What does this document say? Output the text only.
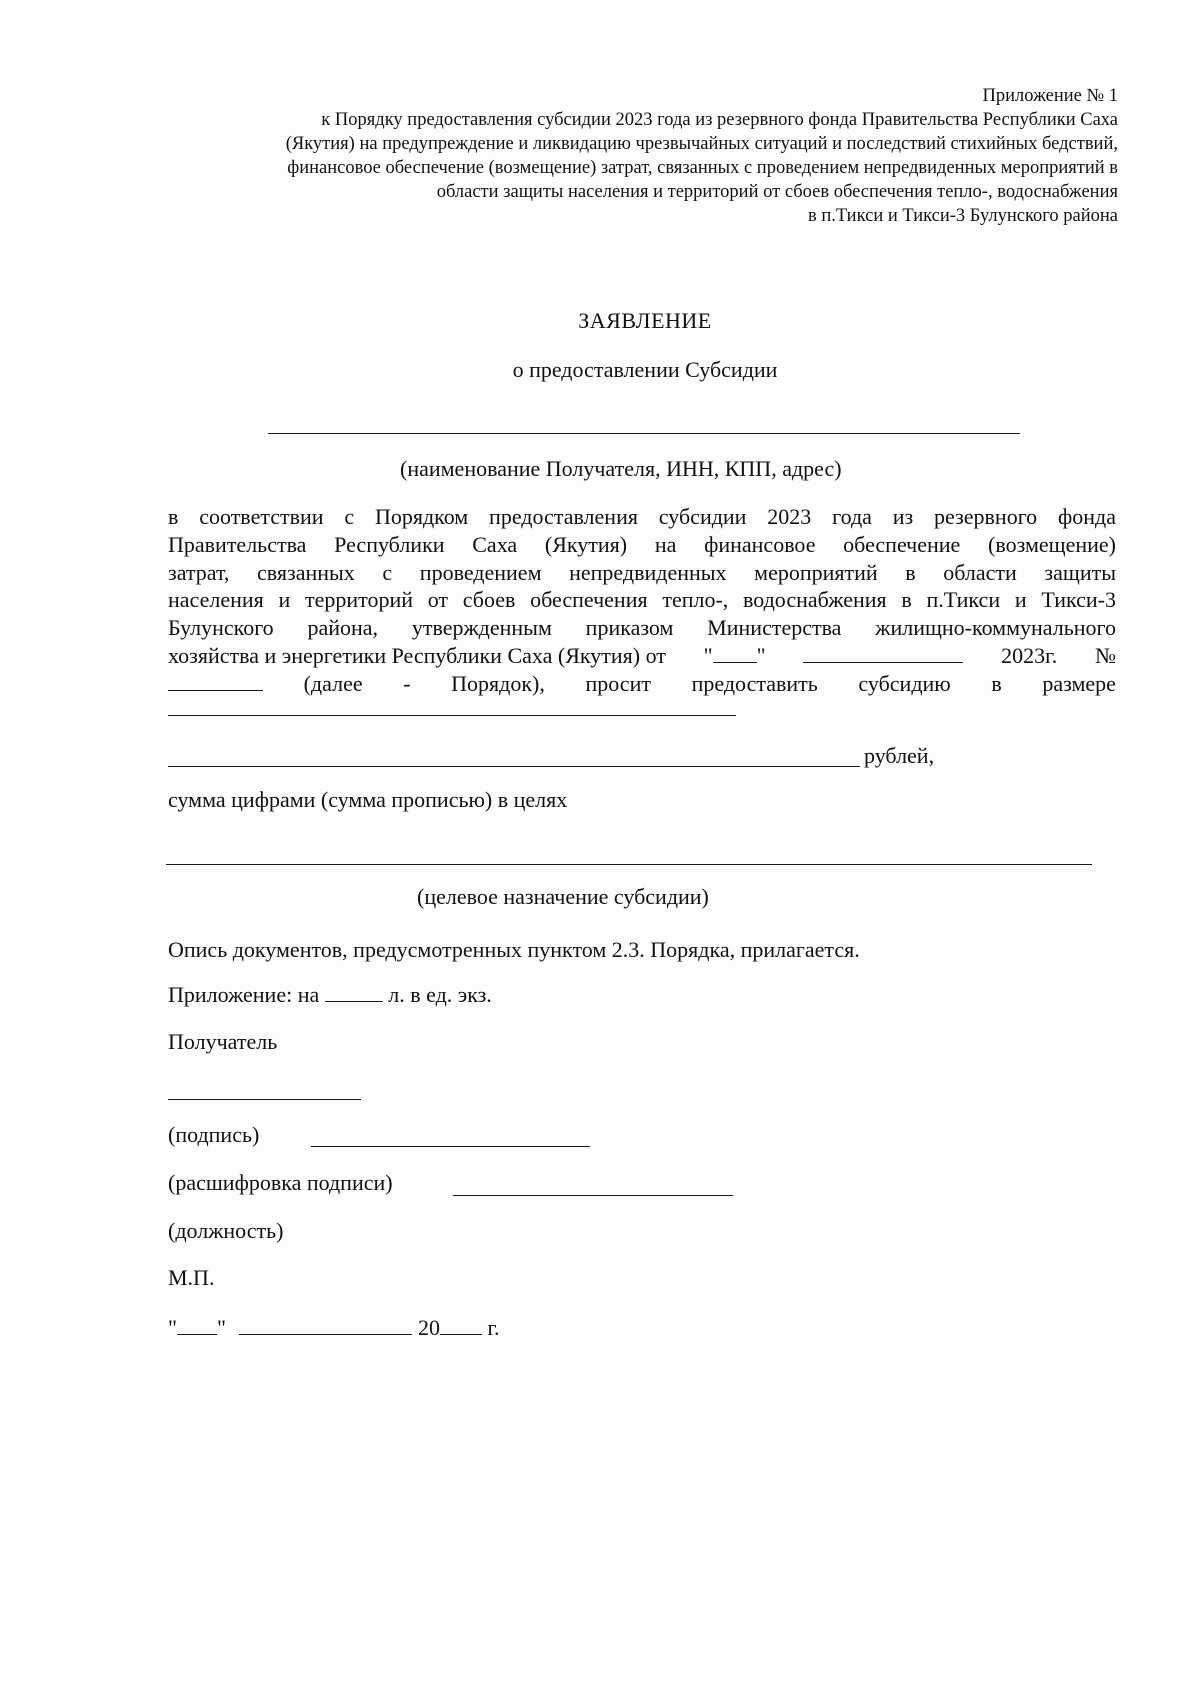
Приложение № 1
к Порядку предоставления субсидии 2023 года из резервного фонда Правительства Республики Саха
(Якутия) на предупреждение и ликвидацию чрезвычайных ситуаций и последствий стихийных бедствий,
финансовое обеспечение (возмещение) затрат, связанных с проведением непредвиденных мероприятий в
области защиты населения и территорий от сбоев обеспечения тепло-, водоснабжения
в п.Тикси и Тикси-3 Булунского района
ЗАЯВЛЕНИЕ
о предоставлении Субсидии
(наименование Получателя, ИНН, КПП, адрес)
в соответствии с Порядком предоставления субсидии 2023 года из резервного фонда
Правительства Республики Саха (Якутия) на финансовое обеспечение (возмещение)
затрат, связанных с проведением непредвиденных мероприятий в области защиты
населения и территорий от сбоев обеспечения тепло-, водоснабжения в п.Тикси и Тикси-3
Булунского района, утвержденным приказом Министерства жилищно-коммунального
хозяйства и энергетики Республики Саха (Якутия) от " "	2023г. №
(далее - Порядок), просит предоставить субсидию в размере
рублей,
сумма цифрами (сумма прописью) в целях
(целевое назначение субсидии)
Опись документов, предусмотренных пунктом 2.3. Порядка, прилагается.
Приложение: на	л. в ед. экз.
Получатель
(подпись)
(расшифровка подписи)
(должность)
М.П.
" "	20 г.
